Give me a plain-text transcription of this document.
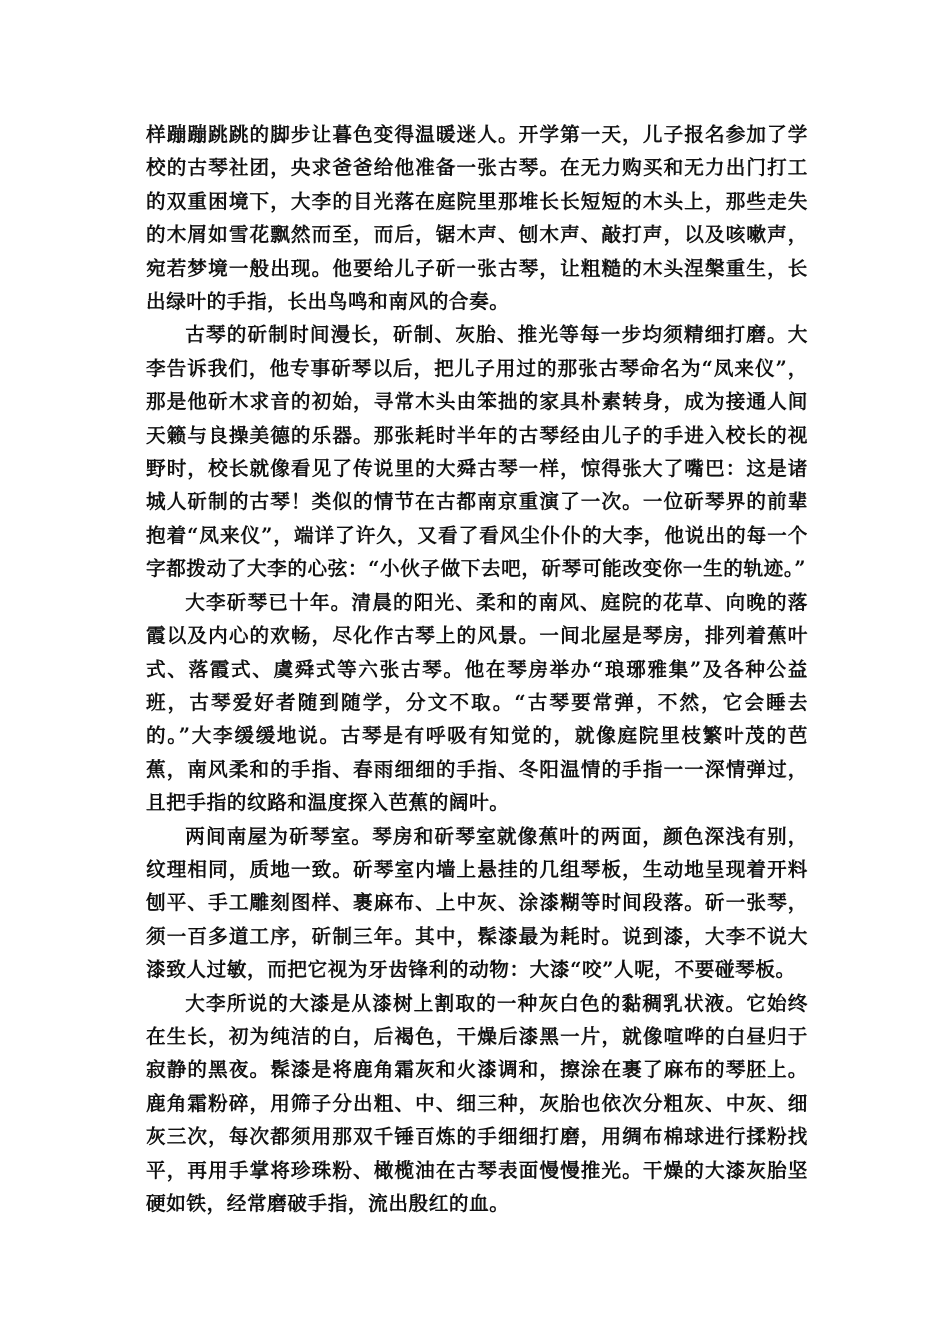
样蹦蹦跳跳的脚步让暮色变得温暖迷人。开学第一天，儿子报名参加了学校的古琴社团，央求爸爸给他准备一张古琴。在无力购买和无力出门打工的双重困境下，大李的目光落在庭院里那堆长长短短的木头上，那些走失的木屑如雪花飘然而至，而后，锯木声、刨木声、敲打声，以及咳嗽声，宛若梦境一般出现。他要给儿子斫一张古琴，让粗糙的木头涅槃重生，长出绿叶的手指，长出鸟鸣和南风的合奏。

古琴的斫制时间漫长，斫制、灰胎、推光等每一步均须精细打磨。大李告诉我们，他专事斫琴以后，把儿子用过的那张古琴命名为“凤来仪”，那是他斫木求音的初始，寻常木头由笨拙的家具朴素转身，成为接通人间天籁与良操美德的乐器。那张耗时半年的古琴经由儿子的手进入校长的视野时，校长就像看见了传说里的大舜古琴一样，惊得张大了嘴巴：这是诸城人斫制的古琴！类似的情节在古都南京重演了一次。一位斫琴界的前辈抱着“凤来仪”，端详了许久，又看了看风尘仆仆的大李，他说出的每一个字都拨动了大李的心弦：“小伙子做下去吧，斫琴可能改变你一生的轨迹。”

大李斫琴已十年。清晨的阳光、柔和的南风、庭院的花草、向晚的落霞以及内心的欢畅，尽化作古琴上的风景。一间北屋是琴房，排列着蕉叶式、落霞式、虞舜式等六张古琴。他在琴房举办“琅琊雅集”及各种公益班，古琴爱好者随到随学，分文不取。“古琴要常弹，不然，它会睡去的。”大李缓缓地说。古琴是有呼吸有知觉的，就像庭院里枝繁叶茂的芭蕉，南风柔和的手指、春雨细细的手指、冬阳温情的手指一一深情弹过，且把手指的纹路和温度探入芭蕉的阔叶。

两间南屋为斫琴室。琴房和斫琴室就像蕉叶的两面，颜色深浅有别，纹理相同，质地一致。斫琴室内墙上悬挂的几组琴板，生动地呈现着开料刨平、手工雕刻图样、裹麻布、上中灰、涂漆糊等时间段落。斫一张琴，须一百多道工序，斫制三年。其中，髹漆最为耗时。说到漆，大李不说大漆致人过敏，而把它视为牙齿锋利的动物：大漆“咬”人呢，不要碰琴板。

大李所说的大漆是从漆树上割取的一种灰白色的黏稠乳状液。它始终在生长，初为纯洁的白，后褐色，干燥后漆黑一片，就像喧哗的白昼归于寂静的黑夜。髹漆是将鹿角霜灰和火漆调和，擦涂在裹了麻布的琴胚上。鹿角霜粉碎，用筛子分出粗、中、细三种，灰胎也依次分粗灰、中灰、细灰三次，每次都须用那双千锤百炼的手细细打磨，用绸布棉球进行揉粉找平，再用手掌将珍珠粉、橄榄油在古琴表面慢慢推光。干燥的大漆灰胎坚硬如铁，经常磨破手指，流出殷红的血。
